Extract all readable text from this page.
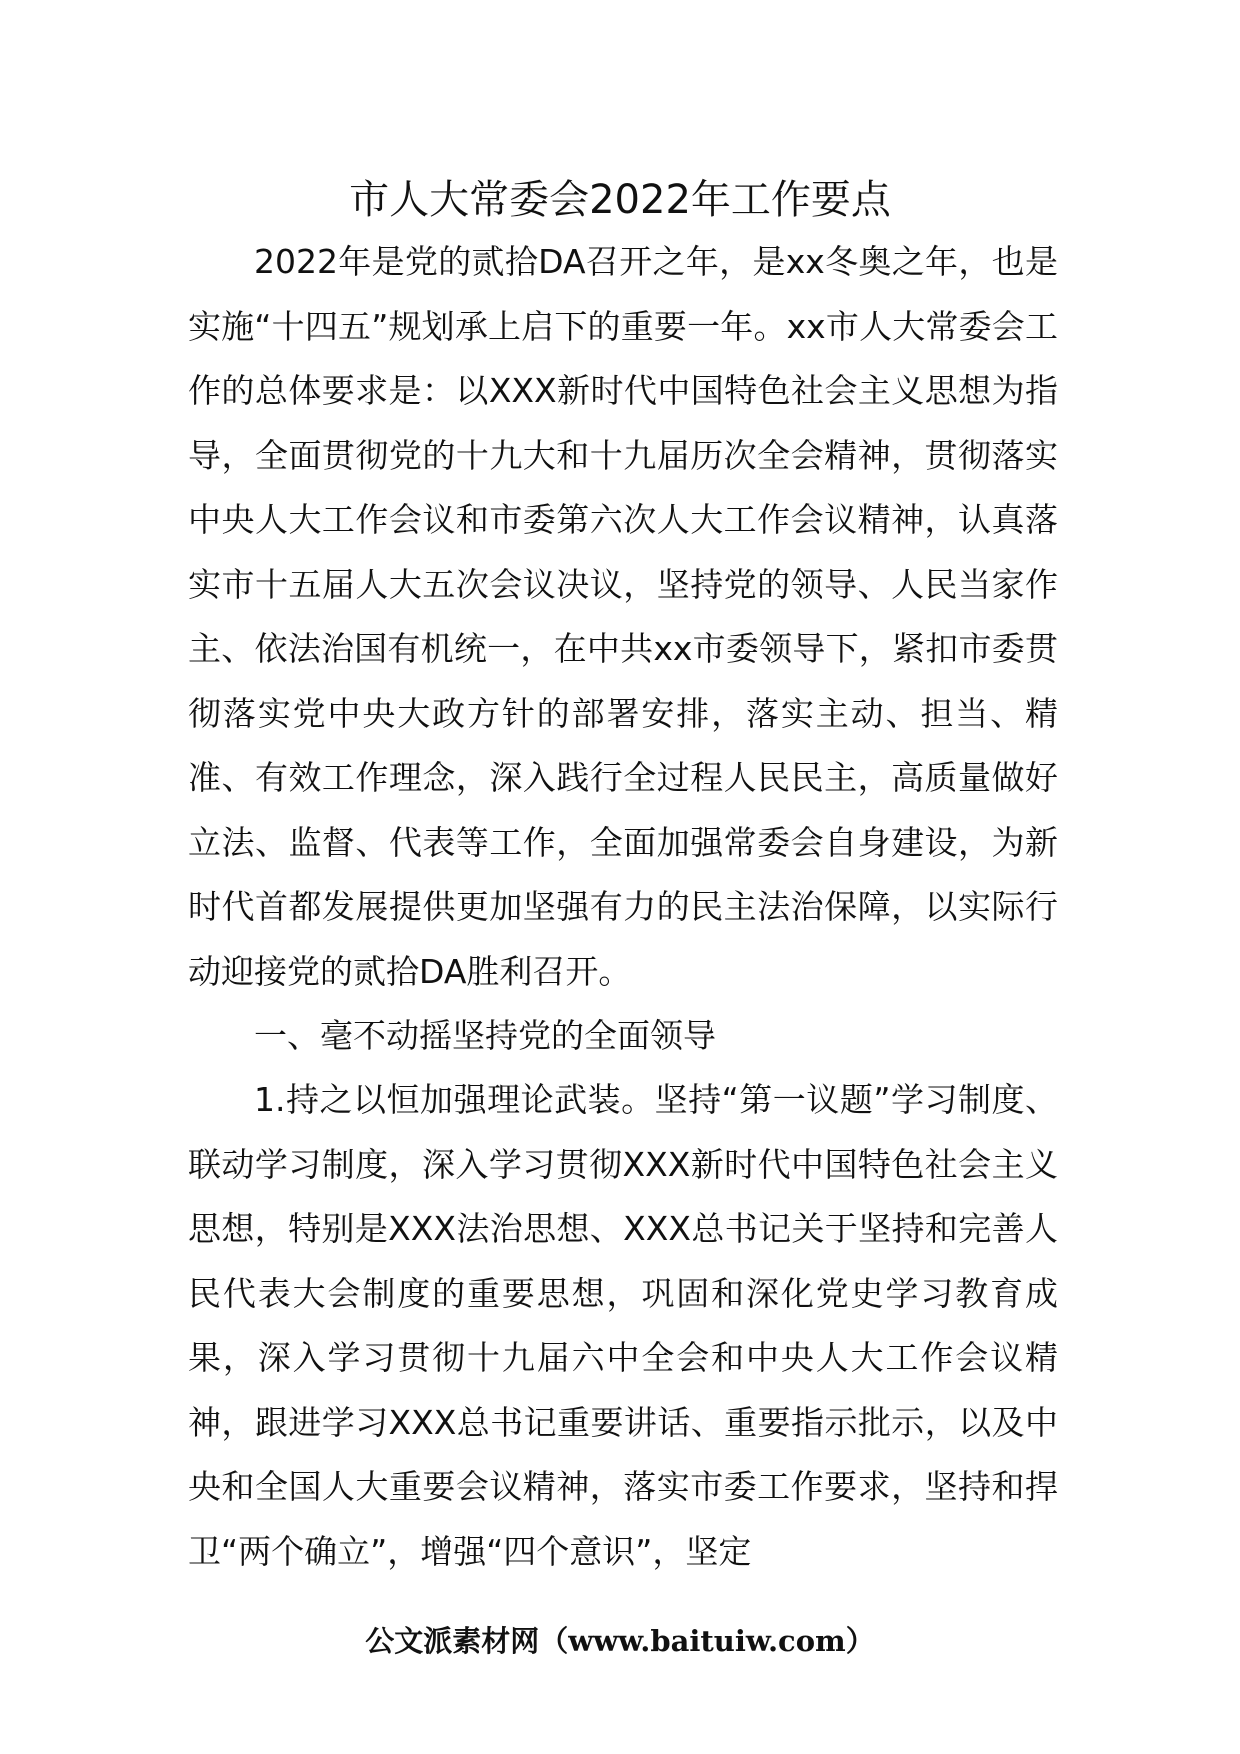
市人大常委会2022年工作要点

2022年是党的贰拾DA召开之年，是xx冬奥之年，也是实施“十四五”规划承上启下的重要一年。xx市人大常委会工作的总体要求是：以XXX新时代中国特色社会主义思想为指导，全面贯彻党的十九大和十九届历次全会精神，贯彻落实中央人大工作会议和市委第六次人大工作会议精神，认真落实市十五届人大五次会议决议，坚持党的领导、人民当家作主、依法治国有机统一，在中共xx市委领导下，紧扣市委贯彻落实党中央大政方针的部署安排，落实主动、担当、精准、有效工作理念，深入践行全过程人民民主，高质量做好立法、监督、代表等工作，全面加强常委会自身建设，为新时代首都发展提供更加坚强有力的民主法治保障，以实际行动迎接党的贰拾DA胜利召开。

一、毫不动摇坚持党的全面领导

1.持之以恒加强理论武装。坚持“第一议题”学习制度、联动学习制度，深入学习贯彻XXX新时代中国特色社会主义思想，特别是XXX法治思想、XXX总书记关于坚持和完善人民代表大会制度的重要思想，巩固和深化党史学习教育成果，深入学习贯彻十九届六中全会和中央人大工作会议精神，跟进学习XXX总书记重要讲话、重要指示批示，以及中央和全国人大重要会议精神，落实市委工作要求，坚持和捍卫“两个确立”，增强“四个意识”，坚定

公文派素材网（www.baituiw.com）
